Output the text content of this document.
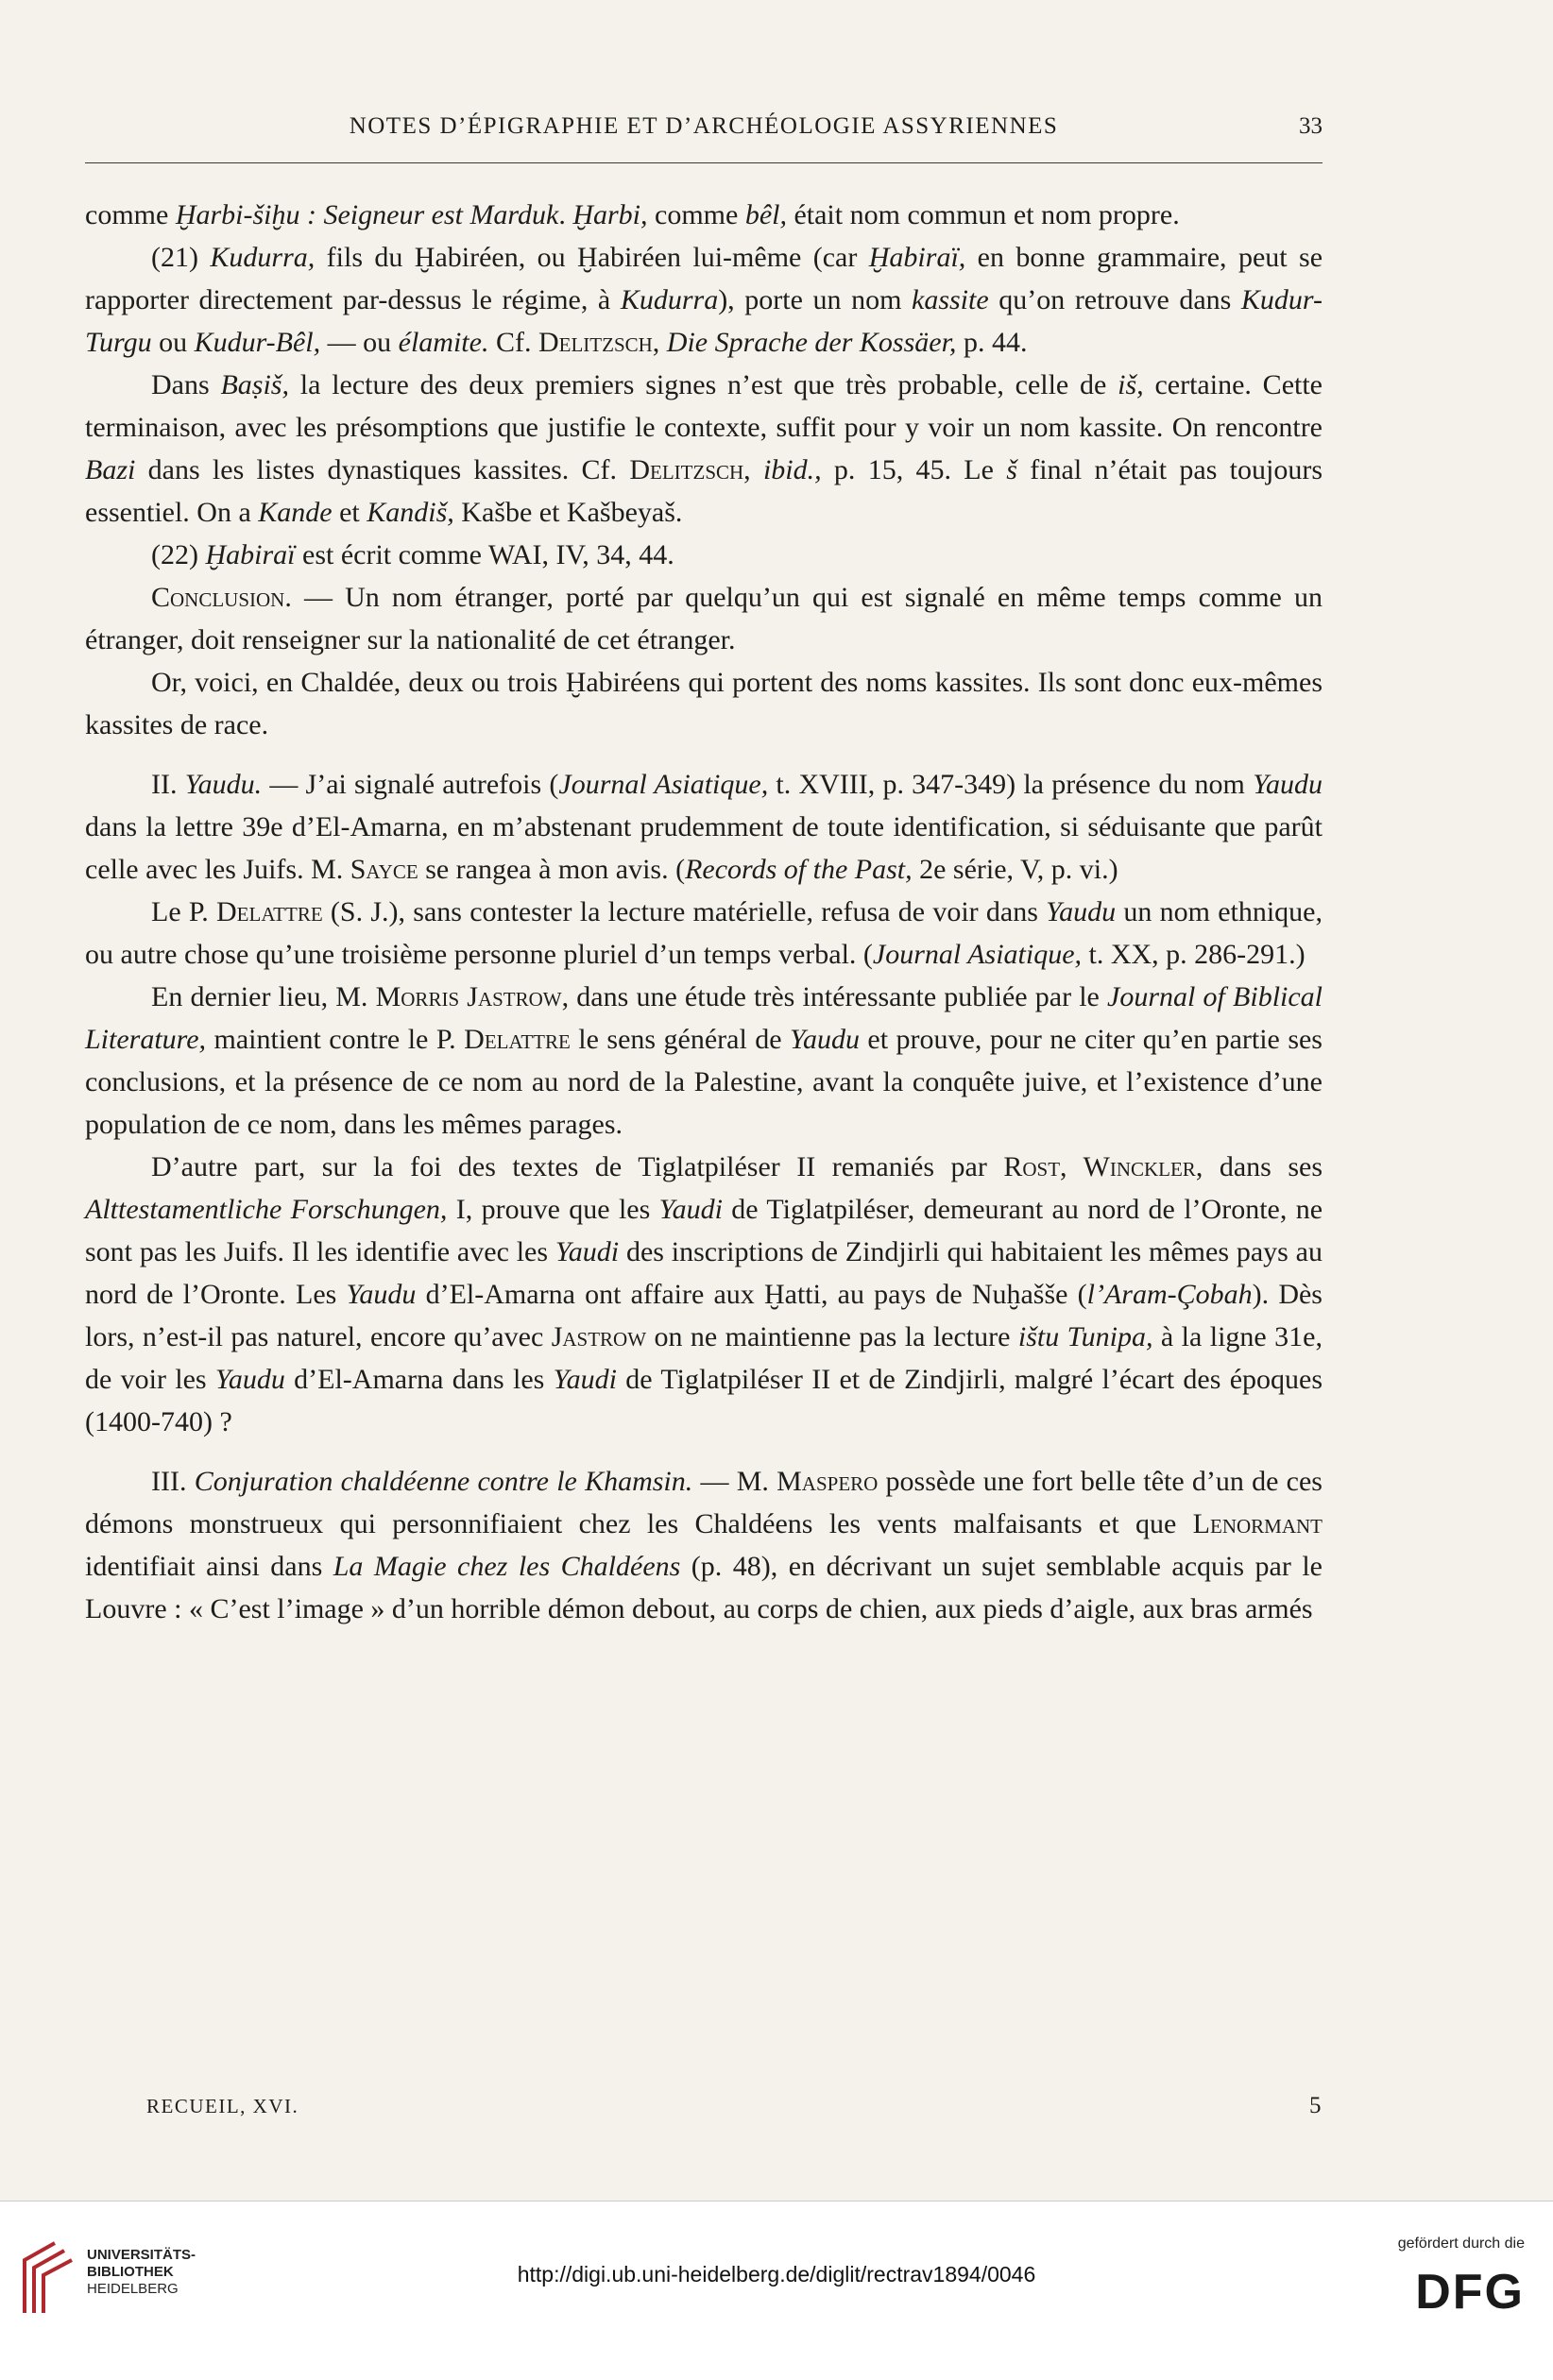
NOTES D’ÉPIGRAPHIE ET D’ARCHÉOLOGIE ASSYRIENNES	33

comme Ḫarbi-šiḫu : Seigneur est Marduk. Ḫarbi, comme bêl, était nom commun et nom propre.

(21) Kudurra, fils du Ḫabiréen, ou Ḫabiréen lui-même (car Ḫabiraï, en bonne grammaire, peut se rapporter directement par-dessus le régime, à Kudurra), porte un nom kassite qu’on retrouve dans Kudur-Turgu ou Kudur-Bêl, — ou élamite. Cf. Delitzsch, Die Sprache der Kossäer, p. 44.

Dans Baṣiš, la lecture des deux premiers signes n’est que très probable, celle de iš, certaine. Cette terminaison, avec les présomptions que justifie le contexte, suffit pour y voir un nom kassite. On rencontre Bazi dans les listes dynastiques kassites. Cf. Delitzsch, ibid., p. 15, 45. Le š final n’était pas toujours essentiel. On a Kande et Kandiš, Kašbe et Kašbeyaš.

(22) Ḫabiraï est écrit comme WAI, IV, 34, 44.

Conclusion. — Un nom étranger, porté par quelqu’un qui est signalé en même temps comme un étranger, doit renseigner sur la nationalité de cet étranger.

Or, voici, en Chaldée, deux ou trois Ḫabiréens qui portent des noms kassites. Ils sont donc eux-mêmes kassites de race.

II. Yaudu. — J’ai signalé autrefois (Journal Asiatique, t. XVIII, p. 347-349) la présence du nom Yaudu dans la lettre 39e d’El-Amarna, en m’abstenant prudemment de toute identification, si séduisante que parût celle avec les Juifs. M. Sayce se rangea à mon avis. (Records of the Past, 2e série, V, p. vi.)

Le P. Delattre (S. J.), sans contester la lecture matérielle, refusa de voir dans Yaudu un nom ethnique, ou autre chose qu’une troisième personne pluriel d’un temps verbal. (Journal Asiatique, t. XX, p. 286-291.)

En dernier lieu, M. Morris Jastrow, dans une étude très intéressante publiée par le Journal of Biblical Literature, maintient contre le P. Delattre le sens général de Yaudu et prouve, pour ne citer qu’en partie ses conclusions, et la présence de ce nom au nord de la Palestine, avant la conquête juive, et l’existence d’une population de ce nom, dans les mêmes parages.

D’autre part, sur la foi des textes de Tiglatpiléser II remaniés par Rost, Winckler, dans ses Alttestamentliche Forschungen, I, prouve que les Yaudi de Tiglatpiléser, demeurant au nord de l’Oronte, ne sont pas les Juifs. Il les identifie avec les Yaudi des inscriptions de Zindjirli qui habitaient les mêmes pays au nord de l’Oronte. Les Yaudu d’El-Amarna ont affaire aux Ḫatti, au pays de Nuḫašše (l’Aram-Çobah). Dès lors, n’est-il pas naturel, encore qu’avec Jastrow on ne maintienne pas la lecture ištu Tunipa, à la ligne 31e, de voir les Yaudu d’El-Amarna dans les Yaudi de Tiglatpiléser II et de Zindjirli, malgré l’écart des époques (1400-740) ?

III. Conjuration chaldéenne contre le Khamsin. — M. Maspero possède une fort belle tête d’un de ces démons monstrueux qui personnifiaient chez les Chaldéens les vents malfaisants et que Lenormant identifiait ainsi dans La Magie chez les Chaldéens (p. 48), en décrivant un sujet semblable acquis par le Louvre : « C’est l’image » d’un horrible démon debout, au corps de chien, aux pieds d’aigle, aux bras armés

RECUEIL, XVI.	5
UNIVERSITÄTS-
BIBLIOTHEK
HEIDELBERG
http://digi.ub.uni-heidelberg.de/diglit/rectrav1894/0046
gefördert durch die
DFG
